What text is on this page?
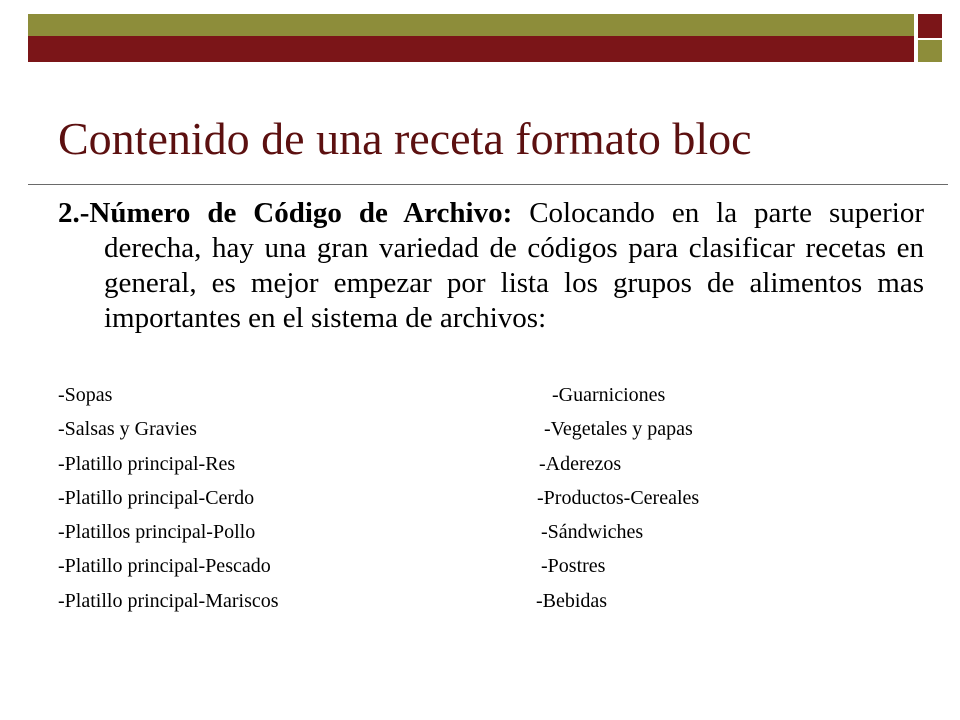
Contenido de una receta formato bloc

2.-Número de Código de Archivo: Colocando en la parte superior derecha, hay una gran variedad de códigos para clasificar recetas en general, es mejor empezar por lista los grupos de alimentos mas importantes en el sistema de archivos:

-Sopas	-Guarniciones
-Salsas y Gravies	-Vegetales y papas
-Platillo principal-Res	-Aderezos
-Platillo principal-Cerdo	-Productos-Cereales
-Platillos principal-Pollo	-Sándwiches
-Platillo principal-Pescado	-Postres
-Platillo principal-Mariscos	-Bebidas
